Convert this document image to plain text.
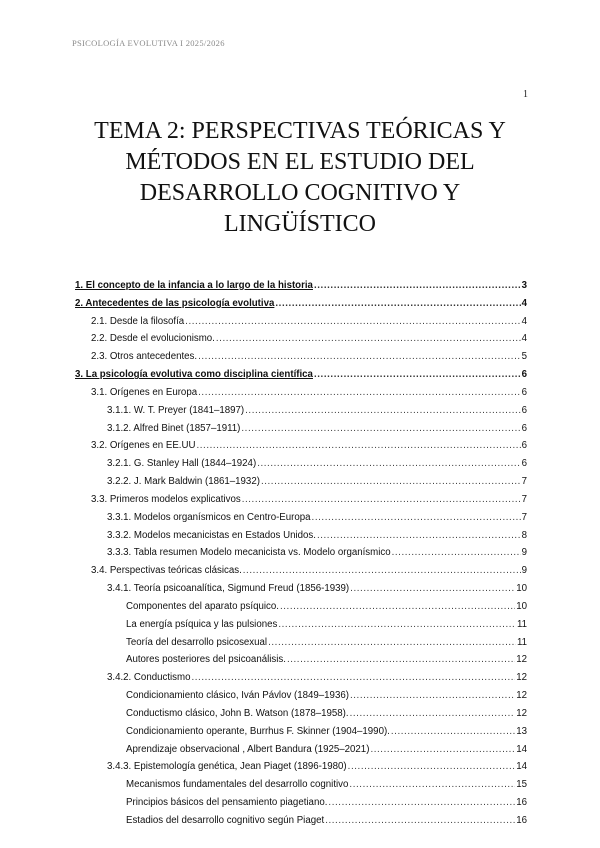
PSICOLOGÍA EVOLUTIVA I 2025/2026
1
TEMA 2: PERSPECTIVAS TEÓRICAS Y
MÉTODOS EN EL ESTUDIO DEL
DESARROLLO COGNITIVO Y
LINGÜÍSTICO
1. El concepto de la infancia a lo largo de la historia .....	3
2. Antecedentes de las psicología evolutiva .....	4
2.1. Desde la filosofía .....	4
2.2. Desde el evolucionismo. .....	4
2.3. Otros antecedentes. .....	5
3. La psicología evolutiva como disciplina científica .....	6
3.1. Orígenes en Europa .....	6
3.1.1. W. T. Preyer (1841–1897) .....	6
3.1.2. Alfred Binet (1857–1911) .....	6
3.2. Orígenes en EE.UU .....	6
3.2.1. G. Stanley Hall (1844–1924) .....	6
3.2.2. J. Mark Baldwin (1861–1932) .....	7
3.3. Primeros modelos explicativos .....	7
3.3.1. Modelos organísmicos en Centro-Europa .....	7
3.3.2. Modelos mecanicistas en Estados Unidos. .....	8
3.3.3. Tabla resumen Modelo mecanicista vs. Modelo organísmico .....	9
3.4. Perspectivas teóricas clásicas. .....	9
3.4.1. Teoría psicoanalítica, Sigmund Freud (1856-1939) .....	10
Componentes del aparato psíquico. .....	10
La energía psíquica y las pulsiones .....	11
Teoría del desarrollo psicosexual .....	11
Autores posteriores del psicoanálisis. .....	12
3.4.2. Conductismo .....	12
Condicionamiento clásico, Iván Pávlov (1849–1936) .....	12
Conductismo clásico, John B. Watson (1878–1958). .....	12
Condicionamiento operante, Burrhus F. Skinner (1904–1990). .....	13
Aprendizaje observacional , Albert Bandura (1925–2021) .....	14
3.4.3. Epistemología genética, Jean Piaget (1896-1980) .....	14
Mecanismos fundamentales del desarrollo cognitivo .....	15
Principios básicos del pensamiento piagetiano. .....	16
Estadios del desarrollo cognitivo según Piaget .....	16
